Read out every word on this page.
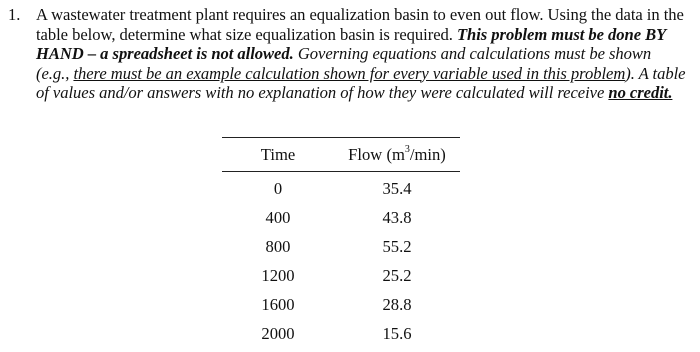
1. A wastewater treatment plant requires an equalization basin to even out flow. Using the data in the table below, determine what size equalization basin is required. This problem must be done BY HAND – a spreadsheet is not allowed. Governing equations and calculations must be shown (e.g., there must be an example calculation shown for every variable used in this problem). A table of values and/or answers with no explanation of how they were calculated will receive no credit.
Time	Flow $(m^3/\min)$
0	35.4
400	43.8
800	55.2
1200	25.2
1600	28.8
2000	15.6
